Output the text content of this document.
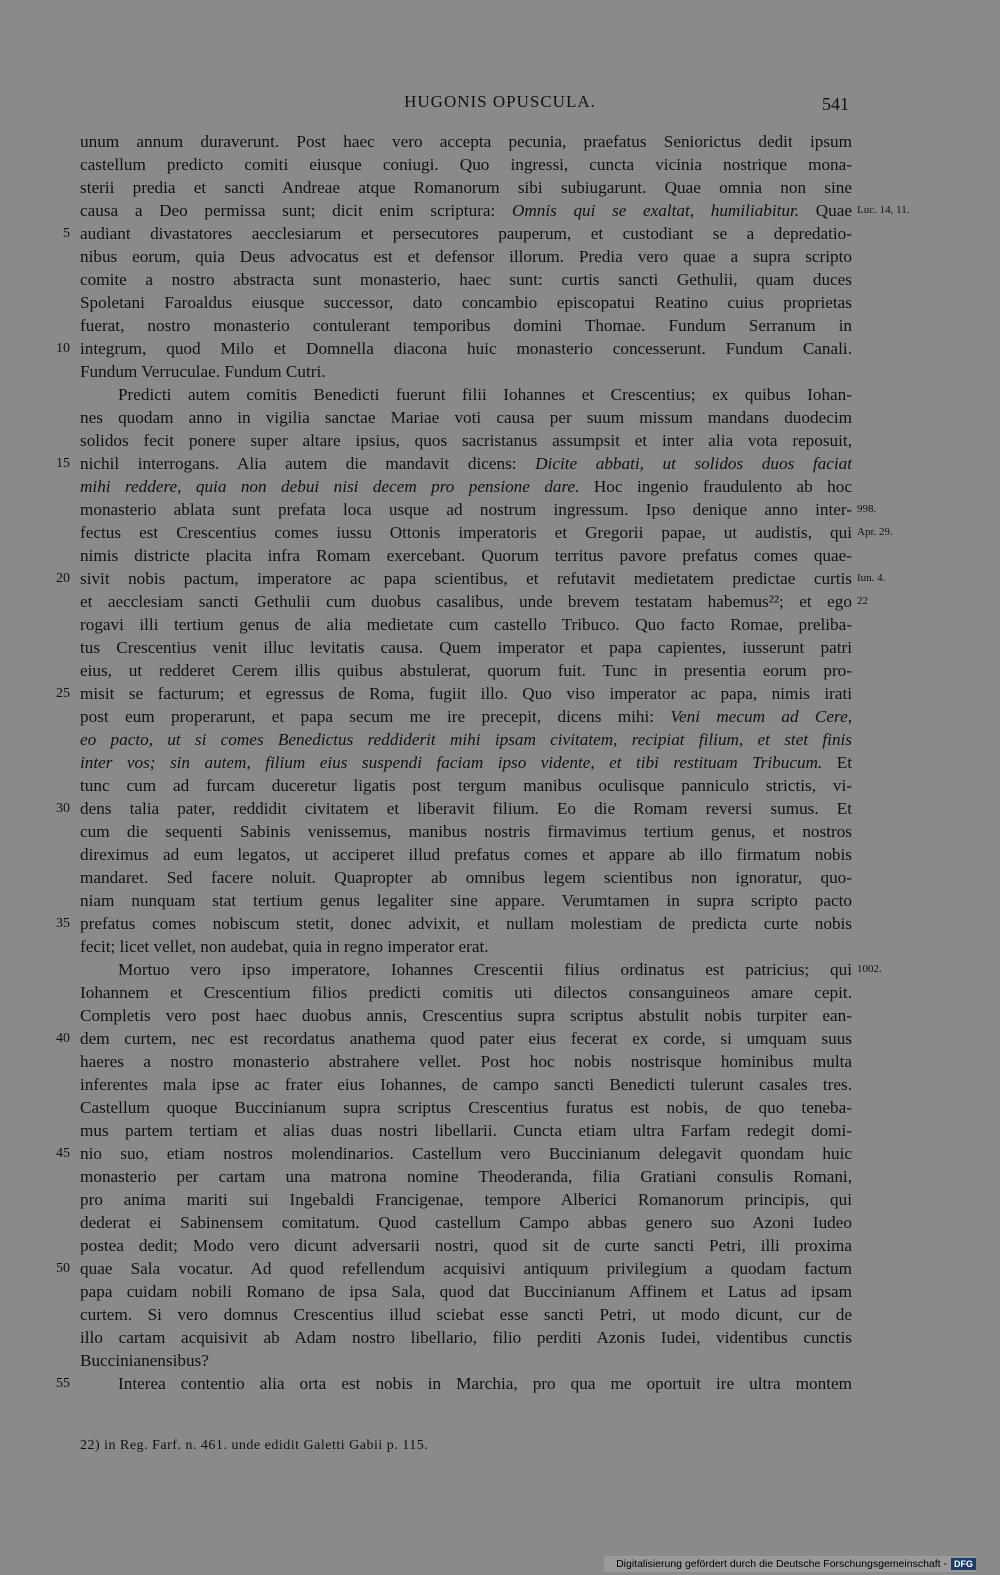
HUGONIS OPUSCULA.	541
unum annum duraverunt. Post haec vero accepta pecunia, praefatus Seniorictus dedit ipsum
castellum predicto comiti eiusque coniugi. Quo ingressi, cuncta vicinia nostrique mona-
sterii predia et sancti Andreae atque Romanorum sibi subiugarunt. Quae omnia non sine
causa a Deo permissa sunt; dicit enim scriptura: Omnis qui se exaltat, humiliabitur. Quae Luc. 14, 11.
audiant divastatores aecclesiarum et persecutores pauperum, et custodiant se a depredatio-
5
nibus eorum, quia Deus advocatus est et defensor illorum. Predia vero quae a supra scripto
comite a nostro abstracta sunt monasterio, haec sunt: curtis sancti Gethulii, quam duces
Spoletani Faroaldus eiusque successor, dato concambio episcopatui Reatino cuius proprietas
fuerat, nostro monasterio contulerant temporibus domini Thomae. Fundum Serranum in
integrum, quod Milo et Domnella diacona huic monasterio concesserunt. Fundum Canali.
10
Fundum Verruculae. Fundum Cutri.
Predicti autem comitis Benedicti fuerunt filii Iohannes et Crescentius; ex quibus Iohan-
nes quodam anno in vigilia sanctae Mariae voti causa per suum missum mandans duodecim
solidos fecit ponere super altare ipsius, quos sacristanus assumpsit et inter alia vota reposuit,
nichil interrogans. Alia autem die mandavit dicens: Dicite abbati, ut solidos duos faciat
15
mihi reddere, quia non debui nisi decem pro pensione dare. Hoc ingenio fraudulento ab hoc
monasterio ablata sunt prefata loca usque ad nostrum ingressum. Ipso denique anno inter- 998.
fectus est Crescentius comes iussu Ottonis imperatoris et Gregorii papae, ut audistis, qui Apr. 29.
nimis districte placita infra Romam exercebant. Quorum territus pavore prefatus comes quae-
sivit nobis pactum, imperatore ac papa scientibus, et refutavit medietatem predictae curtis
20	Iun. 4.
et aecclesiam sancti Gethulii cum duobus casalibus, unde brevem testatam habemus²²; et ego 22
rogavi illi tertium genus de alia medietate cum castello Tribuco. Quo facto Romae, preliba-
tus Crescentius venit illuc levitatis causa. Quem imperator et papa capientes, iusserunt patri
eius, ut redderet Cerem illis quibus abstulerat, quorum fuit. Tunc in presentia eorum pro-
misit se facturum; et egressus de Roma, fugiit illo. Quo viso imperator ac papa, nimis irati
25
post eum properarunt, et papa secum me ire precepit, dicens mihi: Veni mecum ad Cere,
eo pacto, ut si comes Benedictus reddiderit mihi ipsam civitatem, recipiat filium, et stet finis
inter vos; sin autem, filium eius suspendi faciam ipso vidente, et tibi restituam Tribucum. Et
tunc cum ad furcam duceretur ligatis post tergum manibus oculisque panniculo strictis, vi-
dens talia pater, reddidit civitatem et liberavit filium. Eo die Romam reversi sumus. Et
30
cum die sequenti Sabinis venissemus, manibus nostris firmavimus tertium genus, et nostros
direximus ad eum legatos, ut acciperet illud prefatus comes et appare ab illo firmatum nobis
mandaret. Sed facere noluit. Quapropter ab omnibus legem scientibus non ignoratur, quo-
niam nunquam stat tertium genus legaliter sine appare. Verumtamen in supra scripto pacto
prefatus comes nobiscum stetit, donec advixit, et nullam molestiam de predicta curte nobis
35
fecit; licet vellet, non audebat, quia in regno imperator erat.
Mortuo vero ipso imperatore, Iohannes Crescentii filius ordinatus est patricius; qui 1002.
Iohannem et Crescentium filios predicti comitis uti dilectos consanguineos amare cepit.
Completis vero post haec duobus annis, Crescentius supra scriptus abstulit nobis turpiter ean-
dem curtem, nec est recordatus anathema quod pater eius fecerat ex corde, si umquam suus
40
haeres a nostro monasterio abstrahere vellet. Post hoc nobis nostrisque hominibus multa
inferentes mala ipse ac frater eius Iohannes, de campo sancti Benedicti tulerunt casales tres.
Castellum quoque Buccinianum supra scriptus Crescentius furatus est nobis, de quo teneba-
mus partem tertiam et alias duas nostri libellarii. Cuncta etiam ultra Farfam redegit domi-
nio suo, etiam nostros molendinarios. Castellum vero Buccinianum delegavit quondam huic
45
monasterio per cartam una matrona nomine Theoderanda, filia Gratiani consulis Romani,
pro anima mariti sui Ingebaldi Francigenae, tempore Alberici Romanorum principis, qui
dederat ei Sabinensem comitatum. Quod castellum Campo abbas genero suo Azoni Iudeo
postea dedit; Modo vero dicunt adversarii nostri, quod sit de curte sancti Petri, illi proxima
quae Sala vocatur. Ad quod refellendum acquisivi antiquum privilegium a quodam factum
50
papa cuidam nobili Romano de ipsa Sala, quod dat Buccinianum Affinem et Latus ad ipsam
curtem. Si vero domnus Crescentius illud sciebat esse sancti Petri, ut modo dicunt, cur de
illo cartam acquisivit ab Adam nostro libellario, filio perditi Azonis Iudei, videntibus cunctis
Buccinianensibus?
Interea contentio alia orta est nobis in Marchia, pro qua me oportuit ire ultra montem
55
22) in Reg. Farf. n. 461. unde edidit Galetti Gabii p. 115.
Digitalisierung gefördert durch die Deutsche Forschungsgemeinschaft - DFG
